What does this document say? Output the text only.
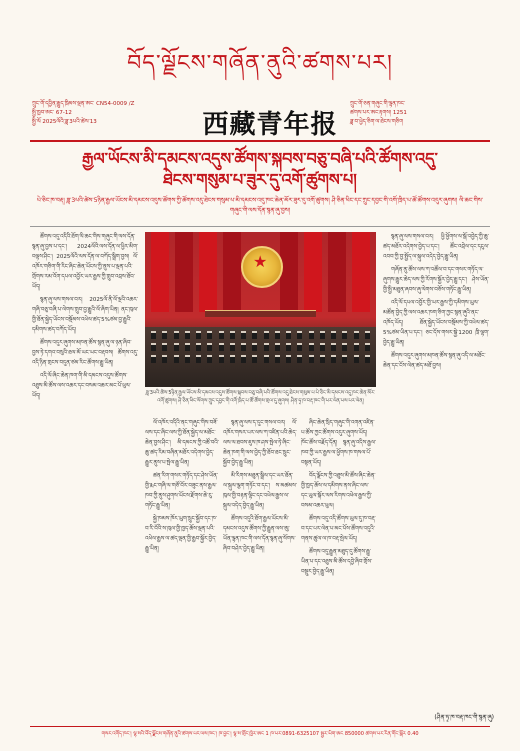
བོད་ལྗོངས་གཞོན་ནུའི་ཚགས་པར།
ཀྲུང་གོ་དབྱིན་རྒྱུད་ཁྲིམས་ལྡན་ཨང་ CN54-0009 /Z
སྤྱི་ཁྱབ་ཨང་ 67-12
སྤྱི་ལོ 2025ལོའི་ཟླ་3པའི་ཚེས་13	西藏青年报
ཀྲུང་གོ་ཅན་གཞུང་གི་ལྷན་ཁང་
ཚགས་པར་ཨང་རྟགས། 1251
ཟླ་བ་ཕྱེད་ཅིག་ལ་ཐེངས་གཅིག
རྒྱལ་ཡོངས་མི་དམངས་འདུས་ཚོགས་སྐབས་བཅུ་བཞི་པའི་ཚོགས་འདུ་
ཐེངས་གསུམ་པ་ཟུར་དུ་འགོ་ཚུགས་པ།
པེ་ཅིང་ཁ་བརྡ། ཟླ་3པའི་ཚེས་5ཉིན་རྒྱལ་ཡོངས་མི་དམངས་འདུས་ཚོགས་ཀྱི་ཚོགས་འདུ་ཐེངས་གསུམ་པ་མི་དམངས་འདུ་ཁང་ཆེན་མོར་ཟུར་དུ་འགོ་ཚུགས། ཤི་ཅིན་ཕིང་དང་ཀྲུང་དབྱང་གི་འགོ་ཁྲིད་པ་ཚོ་ཚོགས་འདུར་ཞུགས། ལི་ཆང་གིས་གཞུང་གི་ལས་དོན་སྙན་ཞུ་བྱས།

ཚོགས་འདུ་འདིའི་ཐོག་ལི་ཆང་གིས་གཞུང་གི་ལས་དོན་སྙན་ཞུ་བྱས་པ་དང་། 2024ལོའི་ལས་དོན་ལ་ཕྱིར་མིག་བལྟས་ཤིང་། 2025ལོའི་ལས་དོན་ལ་བཀོད་སྒྲིག་བྱས། ལོ་འཁོར་གཅིག་གི་རིང་ཞིང་ཆེན་ཡོངས་ཀྱི་ནུས་པ་ལྡན་པའི་གྲོགས་རམ་འོག་དཔལ་འབྱོར་ཡར་རྒྱས་ཀྱི་གྲུབ་འབྲས་ཐོབ་ཡོད།

སྙན་ཞུ་ལས་གསལ་བར། 2025ལོ་ནི་ལོ་ལྔའི་འཆར་གཞི་བཅུ་བཞི་པ་ལེགས་གྲུབ་བྱ་རྒྱུའི་ལོ་ཞིག་ཡིན། ནང་ཁུལ་གྱི་ཐོན་སྐྱེད་ཡོངས་བསྡོམས་འཕེལ་ཚད་5%ཙམ་བྱ་རྒྱུའི་དམིགས་ཚད་བཀོད་ཡོད།

ཚོགས་འདུར་ཞུགས་མཁན་ཚོས་སྙན་ཞུ་ལ་ཉན་ཞིབ་བྱས་ཏེ་དགའ་བསུའི་ཐལ་མོ་ཡང་ཡང་བརྡབས། ཚོགས་འདུ་འདི་ཉིན་གྲངས་བདུན་ཙམ་རིང་ཚོགས་རྒྱུ་ཡིན།

འདི་ལོ་ཞིང་ཆེན་ཁག་གི་མི་དམངས་འདུས་ཚོགས་འཐུས་མི་ཚོས་ལས་འཆར་དང་བསམ་འཆར་མང་པོ་ཕུལ་ཡོད།

★
ཟླ་3པའི་ཚེས་5ཉིན་རྒྱལ་ཡོངས་མི་དམངས་འདུས་ཚོགས་སྐབས་བཅུ་བཞི་པའི་ཚོགས་འདུ་ཐེངས་གསུམ་པ་པེ་ཅིང་མི་དམངས་འདུ་ཁང་ཆེན་མོར་འགོ་ཚུགས། ཤི་ཅིན་ཕིང་སོགས་ཀྲུང་དབྱང་གི་འགོ་ཁྲིད་པ་ཚོ་ཚོགས་གྲལ་དུ་ཞུགས། ཤིན་ཧྭ་ཁ་བརྡ་ཁང་གི་པར་ལེན་པས་པར་ལེན།

ལོ་འཁོར་འདིའི་ནང་གཞུང་གིས་བཟོ་ལས་དང་ཞིང་ལས་ཀྱི་ཐོན་སྐྱེད་ལ་མཐོང་ཆེན་བྱས་ཤིང་། མི་དམངས་ཀྱི་འཚོ་བའི་ཆུ་ཚད་རིམ་བཞིན་མཐོར་འདེགས་བྱེད་རྒྱུར་ནུས་པ་སྤེལ་རྒྱུ་ཡིན།

ཚན་རིག་གསར་གཏོད་དང་ཤེས་ཡོན་གྱི་རྨང་གཞི་ལ་གཙོ་བོར་བཟུང་ནས་རྒྱལ་ཁབ་ཀྱི་ནུས་ཤུགས་ཡོངས་རྫོགས་ཆེ་རུ་གཏོང་རྒྱུ་ཡིན།

སྐྱེ་ཁམས་ཁོར་ཡུག་སྲུང་སྐྱོབ་དང་ཁ་བ་རི་བོའི་ས་ཁུལ་གྱི་ཁྱད་ཆོས་ལྡན་པའི་འཕེལ་རྒྱས་ལ་ཚད་ལྡན་གྱི་རྒྱབ་སྐྱོར་བྱེད་རྒྱུ་ཡིན།

སྙན་ཞུ་ལས་ད་དུང་གསལ་བར། ལོ་འཁོར་གསར་པར་ལས་ཀ་འཛིན་པའི་ཆེད་ལས་ལ་ཐབས་ཇུས་ཁ་ཤས་སྤེལ་ཏེ་ཞིང་ཆེན་ཁག་གི་ལས་བྱེད་ཀྱི་ཐོབ་ཐང་སྲུང་སྐྱོབ་བྱེད་རྒྱུ་ཡིན།

མི་རིགས་མཐུན་སྒྲིལ་དང་ཡར་ཐོན་ལ་སྐུལ་ལྕག་གཏོང་བ་དང་། ས་མཚམས་ཁུལ་གྱི་བརྟན་ལྷིང་དང་འཕེལ་རྒྱས་ལ་སྐུལ་འདེད་བྱེད་རྒྱུ་ཡིན།

ཚོགས་འདུའི་ཐོག་རྒྱལ་ཡོངས་མི་དམངས་འདུས་ཚོགས་ཀྱི་རྒྱུན་ལས་ཨུ་ཡོན་ལྷན་ཁང་གི་ལས་དོན་སྙན་ཞུ་སོགས་ཞིབ་བཤེར་བྱེད་རྒྱུ་ཡིན།

ཞིང་ཆེན་སྲིད་གཞུང་གི་འགན་འཛིན་པ་ཚོས་ཀྱང་ཚོགས་འདུར་ཞུགས་ཡོད། ཁོང་ཚོས་བརྗོད་དོན། སྙན་ཞུ་འདིས་རྒྱལ་ཁབ་ཀྱི་ཡར་རྒྱས་ལ་ཕྱོགས་ཁ་གསལ་པོ་བསྟན་ཡོད།

བོད་ལྗོངས་ཀྱི་འཐུས་མི་ཚོས་ཞིང་ཆེན་གྱི་ཁྱད་ཆོས་ལ་དམིགས་ནས་ཞིང་ལས་དང་ཡུལ་སྐོར་ལས་རིགས་འཕེལ་རྒྱས་ཀྱི་བསམ་འཆར་ཕུལ།

ཚོགས་འདུ་འདི་ཚོགས་ཡུལ་དུ་ཁ་བརྡ་བ་དང་པར་ལེན་པ་མང་པོས་ཚོགས་འདུའི་གནས་ཚུལ་ལ་ཁ་བརྡ་སྤེལ་ཡོད།

ཚོགས་འདུ་རྒྱུན་མཐུད་དུ་ཚོགས་རྒྱུ་ཡིན་པ་དང་འཐུས་མི་ཚོས་དབྱེ་ཞིབ་གྲོས་བསྡུར་བྱེད་རྒྱུ་ཡིན།

སྙན་ཞུ་ལས་གསལ་བར། ཕྱི་ཕྱོགས་ལ་སྒོ་འབྱེད་ཀྱི་ཆུ་ཚད་མཐོར་འདེགས་བྱེད་པ་དང་། ཚོང་འབྲེལ་དང་དངུལ་འབབ་ཀྱི་བྱ་སྤྱོད་ལ་སྐུལ་འདེད་བྱེད་རྒྱུ་ཡིན།

གཞོན་ནུ་ཚོས་ལས་ཀ་འཚོལ་བ་དང་གསར་གཏོད་ལ་ཞུགས་རྒྱུར་ཆེད་ལས་ཀྱི་རོགས་སྐྱོར་བྱེད་རྒྱུ་དང་། ཤེས་ཡོན་གྱི་སྤྱི་མཐུན་ཞབས་ཞུ་ལེགས་བཅོས་གཏོང་རྒྱུ་ཡིན།

འདི་ལོ་དཔལ་འབྱོར་གྱི་ཡར་རྒྱས་ཀྱི་དམིགས་ཡུལ་མཚོན་བྱེད་ཀྱི་ལས་འཆར་ཁག་ཅིག་ཀྱང་སྙན་ཞུའི་ནང་འཁོད་ཡོད། ཐོན་སྐྱེད་ཡོངས་བསྡོམས་ཀྱི་འཕེལ་ཚད་5%ཙམ་ཡིན་པ་དང་། ཅང་དོས་གསར་སྐྱེ་1200 ཁྲི་ལྷག་བྱེད་རྒྱུ་ཡིན།

ཚོགས་འདུར་ཞུགས་མཁན་ཚོས་སྙན་ཞུ་འདི་ལ་མཐོང་ཆེན་དང་ངོས་ལེན་ཚད་མཐོ་བྱས།

(ཤིན་ཧྭ་ཁ་བརྡ་ཁང་གི་སྙན་ཞུ)
གསར་འགོད་ཁང་། ལྷ་སའི་བོད་ལྗོངས་གཞོན་ནུའི་ཚགས་པར་ལས་ཁང་། ཁ་བྱང་། ལྷ་ས་གྲོང་ཁྱེར་ཨང 1 ཁ་པར་0891-6325107 སྦྱར་ཡིག་ཨང 850000 ཚགས་པར་རིན་གོང་སྒོར 0.40
